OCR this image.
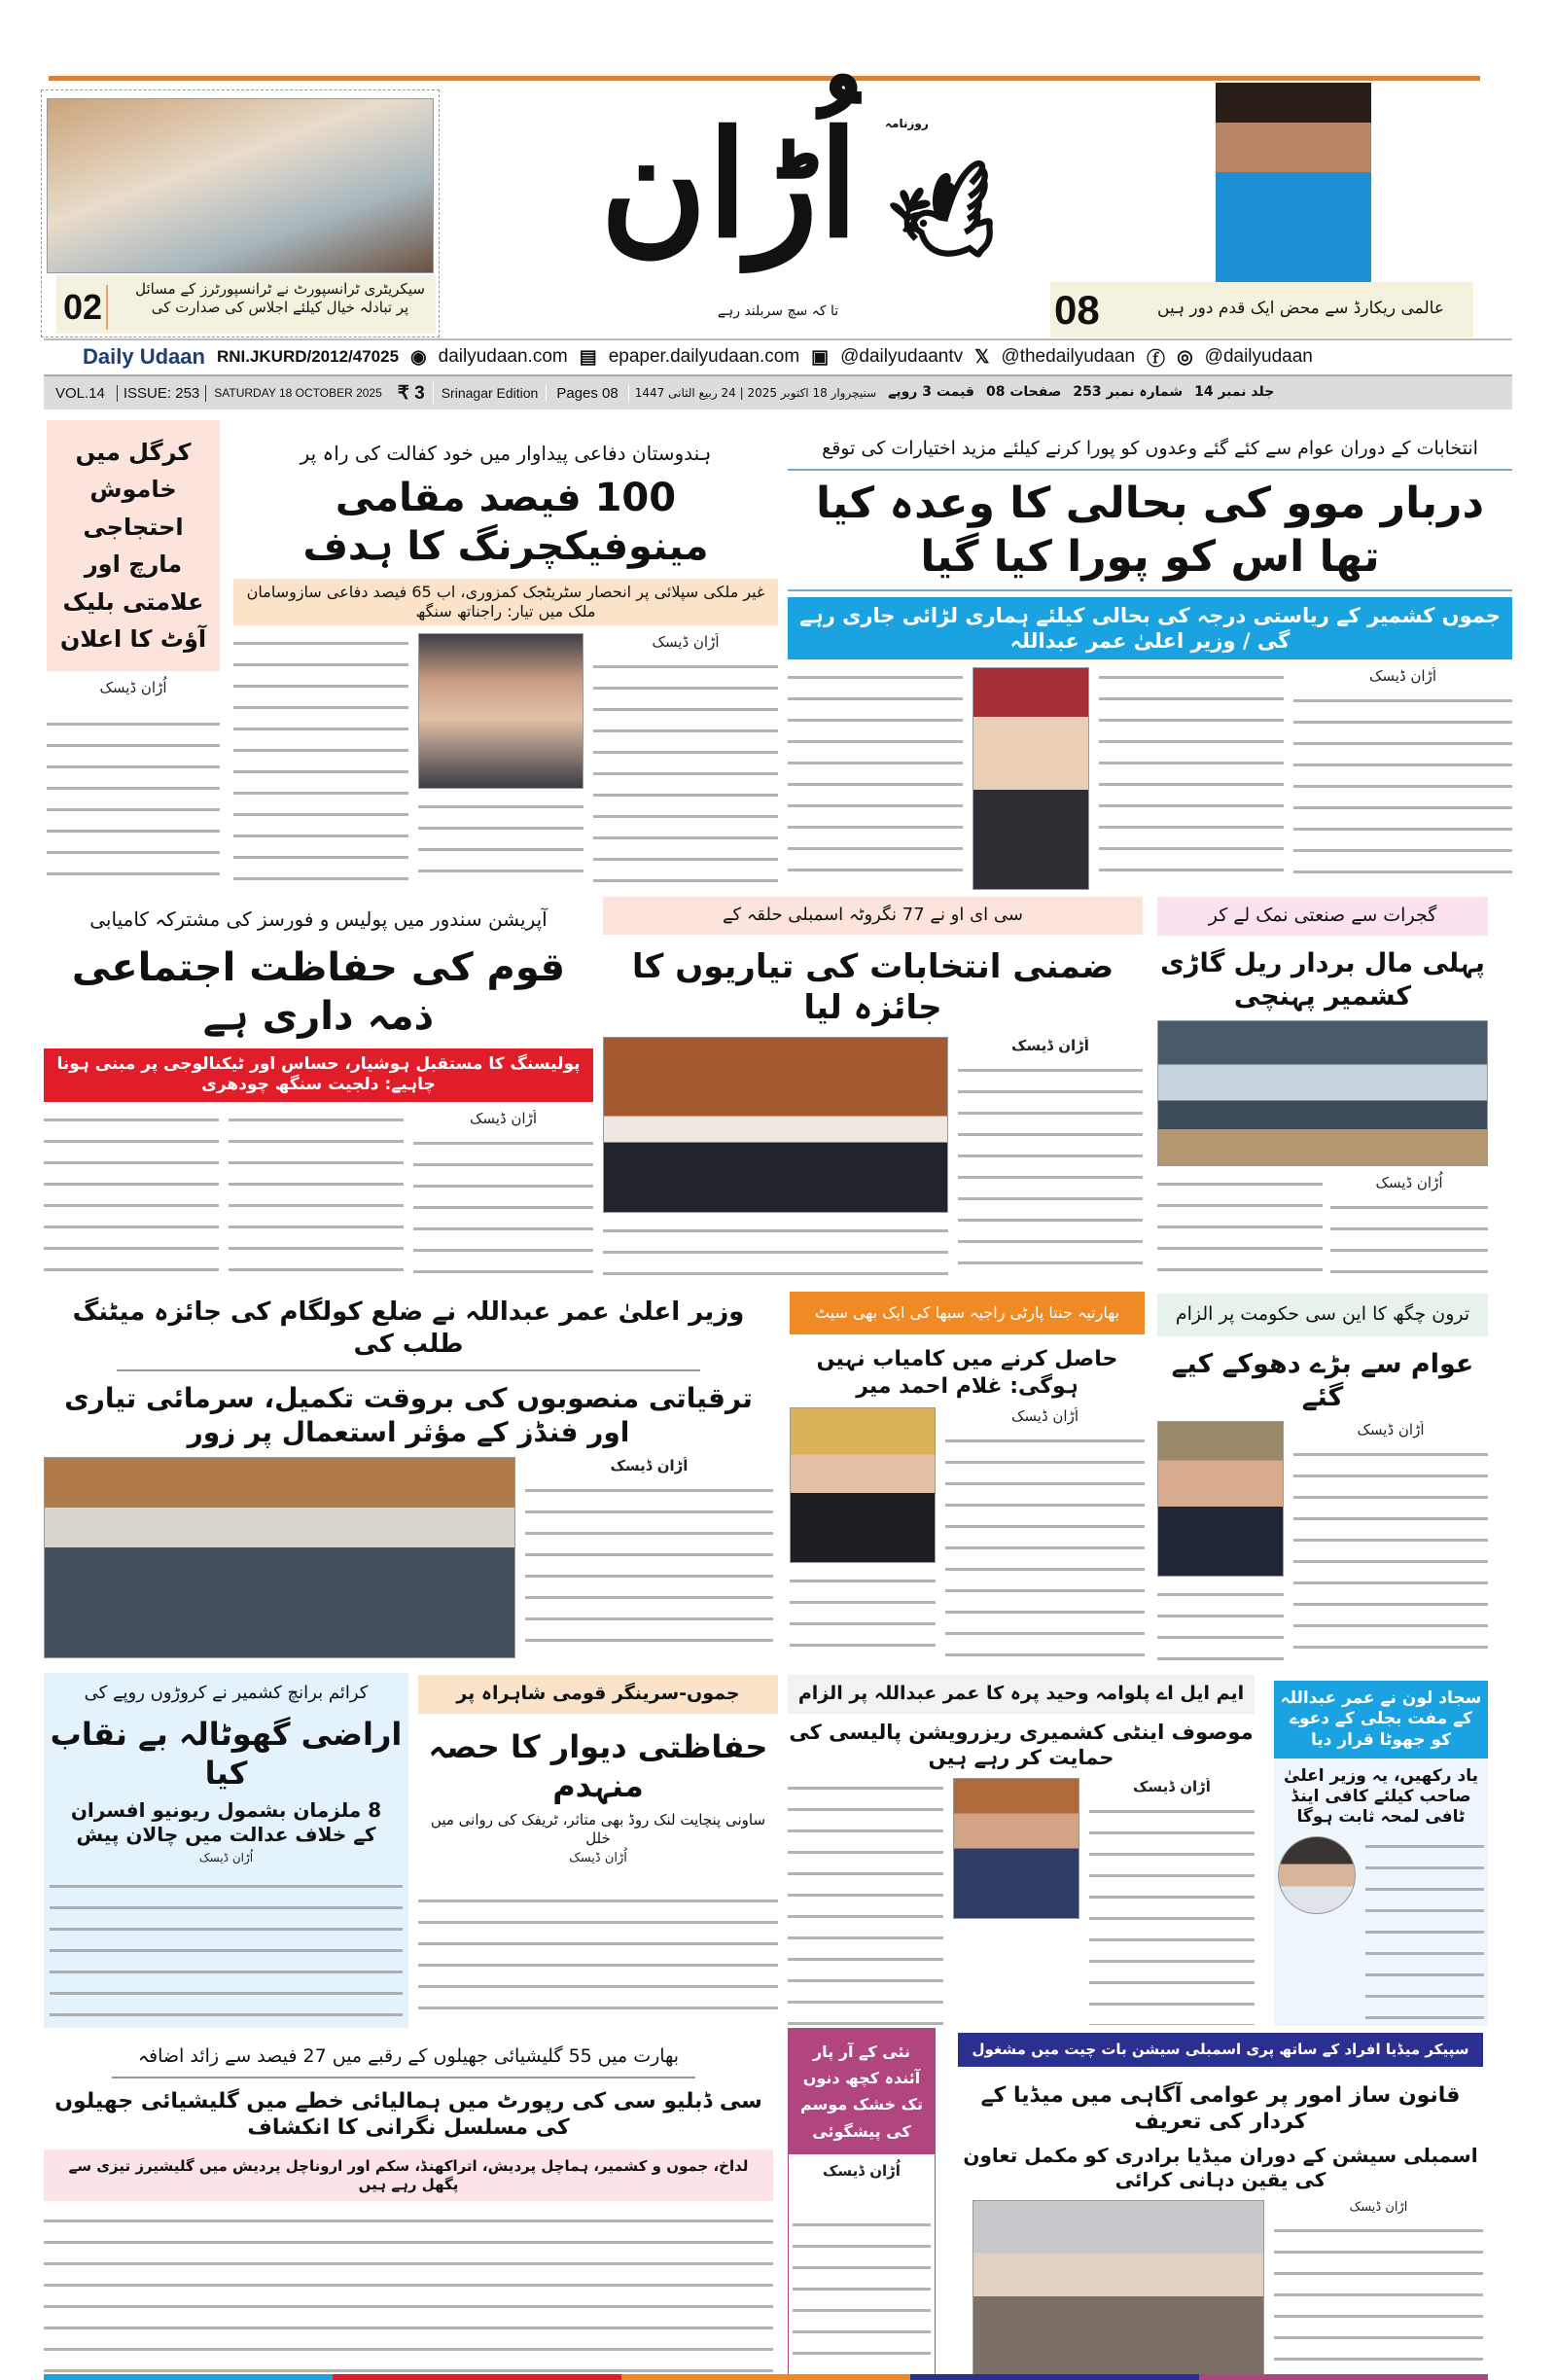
02	سیکریٹری ٹرانسپورٹ نے ٹرانسپورٹرز کے مسائل پر تبادلہ خیال کیلئے اجلاس کی صدارت کی
اُڑان	روزنامہ
🕊
تا کہ سچ سربلند رہے	08	عالمی ریکارڈ سے محض ایک قدم دور ہیں
Daily Udaan RNI.JKURD/2012/47025 ◉ dailyudaan.com ▤ epaper.dailyudaan.com ▣ @dailyudaantv 𝕏 @thedailyudaan ⓕ ◎ @dailyudaan
VOL.14	ISSUE: 253	SATURDAY 18 OCTOBER 2025 ₹ 3	Srinagar Edition	Pages 08	سنیچروار 18 اکتوبر 2025 | 24 ربیع الثانی 1447 قیمت 3 روپے صفحات 08 شمارہ نمبر 253 جلد نمبر 14
کرگل میں خاموش احتجاجی مارچ اور علامتی بلیک آؤٹ کا اعلان
اُڑان ڈیسک
ہندوستان دفاعی پیداوار میں خود کفالت کی راہ پر
100 فیصد مقامی مینوفیکچرنگ کا ہدف
غیر ملکی سپلائی پر انحصار سٹریٹجک کمزوری، اب 65 فیصد دفاعی سازوسامان ملک میں تیار: راجناتھ سنگھ
اُڑان ڈیسک
انتخابات کے دوران عوام سے کئے گئے وعدوں کو پورا کرنے کیلئے مزید اختیارات کی توقع
دربار موو کی بحالی کا وعدہ کیا تھا اس کو پورا کیا گیا
جموں کشمیر کے ریاستی درجہ کی بحالی کیلئے ہماری لڑائی جاری رہے گی / وزیر اعلیٰ عمر عبداللہ
اُڑان ڈیسک
آپریشن سندور میں پولیس و فورسز کی مشترکہ کامیابی
قوم کی حفاظت اجتماعی ذمہ داری ہے
پولیسنگ کا مستقبل ہوشیار، حساس اور ٹیکنالوجی پر مبنی ہونا چاہیے: دلجیت سنگھ چودھری
اُڑان ڈیسک
سی ای او نے 77 نگروٹہ اسمبلی حلقہ کے
ضمنی انتخابات کی تیاریوں کا جائزہ لیا
اُڑان ڈیسک
گجرات سے صنعتی نمک لے کر
پہلی مال بردار ریل گاڑی کشمیر پہنچی
اُڑان ڈیسک
وزیر اعلیٰ عمر عبداللہ نے ضلع کولگام کی جائزہ میٹنگ طلب کی
ترقیاتی منصوبوں کی بروقت تکمیل، سرمائی تیاری اور فنڈز کے مؤثر استعمال پر زور
اُڑان ڈیسک
بھارتیہ جنتا پارٹی راجیہ سبھا کی ایک بھی سیٹ
حاصل کرنے میں کامیاب نہیں ہوگی: غلام احمد میر
اُڑان ڈیسک
ترون چگھ کا این سی حکومت پر الزام
عوام سے بڑے دھوکے کیے گئے
اُڑان ڈیسک
کرائم برانچ کشمیر نے کروڑوں روپے کی
اراضی گھوٹالہ بے نقاب کیا
8 ملزمان بشمول ریونیو افسران کے خلاف عدالت میں چالان پیش
اُڑان ڈیسک
جموں-سرینگر قومی شاہراہ پر
حفاظتی دیوار کا حصہ منہدم
ساونی پنچایت لنک روڈ بھی متاثر، ٹریفک کی روانی میں خلل
اُڑان ڈیسک
ایم ایل اے پلوامہ وحید پرہ کا عمر عبداللہ پر الزام
موصوف اینٹی کشمیری ریزرویشن پالیسی کی حمایت کر رہے ہیں
اُڑان ڈیسک
سجاد لون نے عمر عبداللہ کے مفت بجلی کے دعوے کو جھوٹا قرار دیا
یاد رکھیں، یہ وزیر اعلیٰ صاحب کیلئے کافی اینڈ ٹافی لمحہ ثابت ہوگا
بھارت میں 55 گلیشیائی جھیلوں کے رقبے میں 27 فیصد سے زائد اضافہ
سی ڈبلیو سی کی رپورٹ میں ہمالیائی خطے میں گلیشیائی جھیلوں کی مسلسل نگرانی کا انکشاف
لداخ، جموں و کشمیر، ہماچل پردیش، اتراکھنڈ، سکم اور اروناچل پردیش میں گلیشیرز تیزی سے پگھل رہے ہیں
نئی کے آر پار آئندہ کچھ دنوں تک خشک موسم کی پیشگوئی
اُڑان ڈیسک
سپیکر میڈیا افراد کے ساتھ پری اسمبلی سیشن بات چیت میں مشغول
قانون ساز امور پر عوامی آگاہی میں میڈیا کے کردار کی تعریف
اسمبلی سیشن کے دوران میڈیا برادری کو مکمل تعاون کی یقین دہانی کرائی
اُڑان ڈیسک
